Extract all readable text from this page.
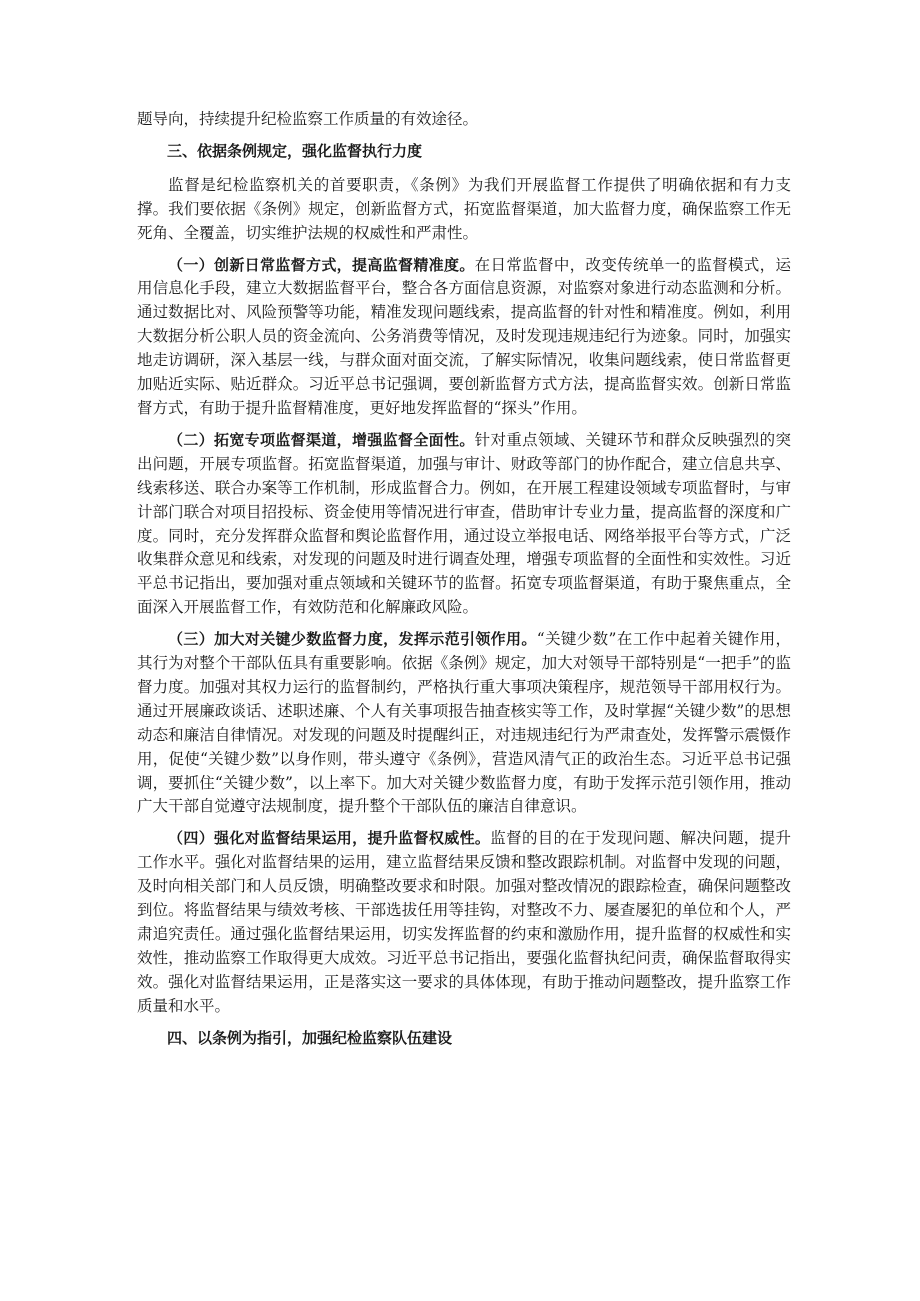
题导向，持续提升纪检监察工作质量的有效途径。

三、依据条例规定，强化监督执行力度

监督是纪检监察机关的首要职责，《条例》为我们开展监督工作提供了明确依据和有力支撑。我们要依据《条例》规定，创新监督方式，拓宽监督渠道，加大监督力度，确保监察工作无死角、全覆盖，切实维护法规的权威性和严肃性。

（一）创新日常监督方式，提高监督精准度。在日常监督中，改变传统单一的监督模式，运用信息化手段，建立大数据监督平台，整合各方面信息资源，对监察对象进行动态监测和分析。通过数据比对、风险预警等功能，精准发现问题线索，提高监督的针对性和精准度。例如，利用大数据分析公职人员的资金流向、公务消费等情况，及时发现违规违纪行为迹象。同时，加强实地走访调研，深入基层一线，与群众面对面交流，了解实际情况，收集问题线索，使日常监督更加贴近实际、贴近群众。习近平总书记强调，要创新监督方式方法，提高监督实效。创新日常监督方式，有助于提升监督精准度，更好地发挥监督的“探头”作用。

（二）拓宽专项监督渠道，增强监督全面性。针对重点领域、关键环节和群众反映强烈的突出问题，开展专项监督。拓宽监督渠道，加强与审计、财政等部门的协作配合，建立信息共享、线索移送、联合办案等工作机制，形成监督合力。例如，在开展工程建设领域专项监督时，与审计部门联合对项目招投标、资金使用等情况进行审查，借助审计专业力量，提高监督的深度和广度。同时，充分发挥群众监督和舆论监督作用，通过设立举报电话、网络举报平台等方式，广泛收集群众意见和线索，对发现的问题及时进行调查处理，增强专项监督的全面性和实效性。习近平总书记指出，要加强对重点领域和关键环节的监督。拓宽专项监督渠道，有助于聚焦重点，全面深入开展监督工作，有效防范和化解廉政风险。

（三）加大对关键少数监督力度，发挥示范引领作用。“关键少数”在工作中起着关键作用，其行为对整个干部队伍具有重要影响。依据《条例》规定，加大对领导干部特别是“一把手”的监督力度。加强对其权力运行的监督制约，严格执行重大事项决策程序，规范领导干部用权行为。通过开展廉政谈话、述职述廉、个人有关事项报告抽查核实等工作，及时掌握“关键少数”的思想动态和廉洁自律情况。对发现的问题及时提醒纠正，对违规违纪行为严肃查处，发挥警示震慑作用，促使“关键少数”以身作则，带头遵守《条例》，营造风清气正的政治生态。习近平总书记强调，要抓住“关键少数”，以上率下。加大对关键少数监督力度，有助于发挥示范引领作用，推动广大干部自觉遵守法规制度，提升整个干部队伍的廉洁自律意识。

（四）强化对监督结果运用，提升监督权威性。监督的目的在于发现问题、解决问题，提升工作水平。强化对监督结果的运用，建立监督结果反馈和整改跟踪机制。对监督中发现的问题，及时向相关部门和人员反馈，明确整改要求和时限。加强对整改情况的跟踪检查，确保问题整改到位。将监督结果与绩效考核、干部选拔任用等挂钩，对整改不力、屡查屡犯的单位和个人，严肃追究责任。通过强化监督结果运用，切实发挥监督的约束和激励作用，提升监督的权威性和实效性，推动监察工作取得更大成效。习近平总书记指出，要强化监督执纪问责，确保监督取得实效。强化对监督结果运用，正是落实这一要求的具体体现，有助于推动问题整改，提升监察工作质量和水平。

四、以条例为指引，加强纪检监察队伍建设
